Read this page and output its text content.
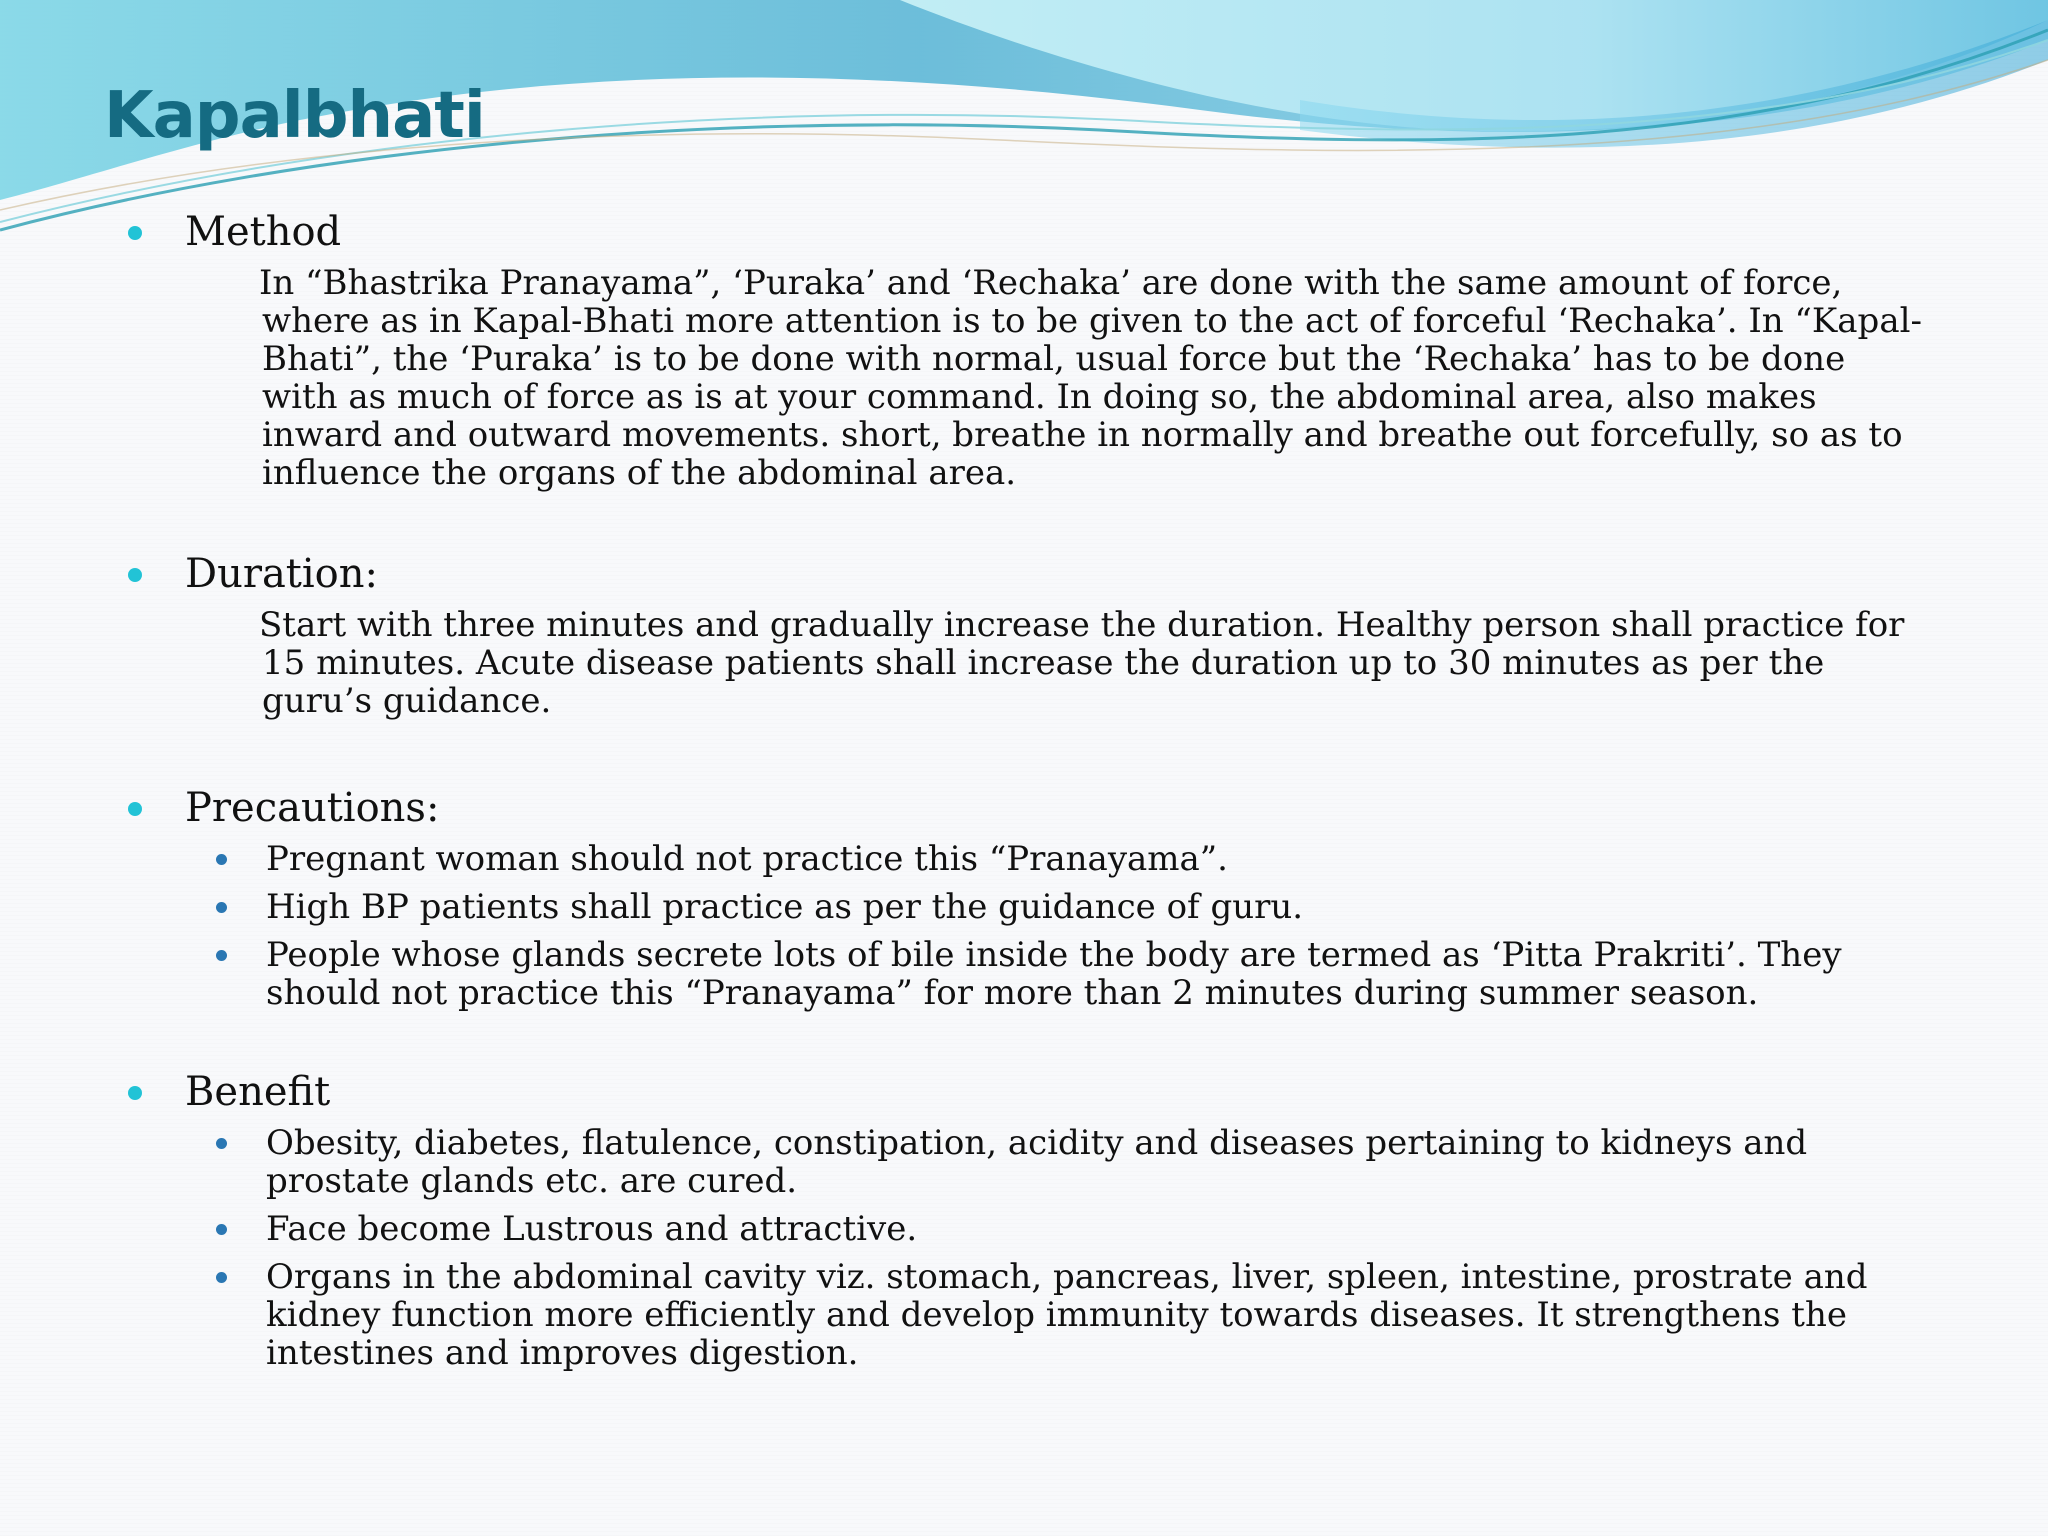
Kapalbhati
Method

In “Bhastrika Pranayama”, ‘Puraka’ and ‘Rechaka’ are done with the same amount of force, where as in Kapal-Bhati more attention is to be given to the act of forceful ‘Rechaka’. In “Kapal-Bhati”, the ‘Puraka’ is to be done with normal, usual force but the ‘Rechaka’ has to be done with as much of force as is at your command. In doing so, the abdominal area, also makes inward and outward movements. short, breathe in normally and breathe out forcefully, so as to influence the organs of the abdominal area.

Duration:

Start with three minutes and gradually increase the duration. Healthy person shall practice for 15 minutes. Acute disease patients shall increase the duration up to 30 minutes as per the guru’s guidance.

Precautions:

Pregnant woman should not practice this “Pranayama”.

High BP patients shall practice as per the guidance of guru.

People whose glands secrete lots of bile inside the body are termed as ‘Pitta Prakriti’. They should not practice this “Pranayama” for more than 2 minutes during summer season.

Benefit

Obesity, diabetes, flatulence, constipation, acidity and diseases pertaining to kidneys and prostate glands etc. are cured.

Face become Lustrous and attractive.

Organs in the abdominal cavity viz. stomach, pancreas, liver, spleen, intestine, prostrate and kidney function more efficiently and develop immunity towards diseases. It strengthens the intestines and improves digestion.
